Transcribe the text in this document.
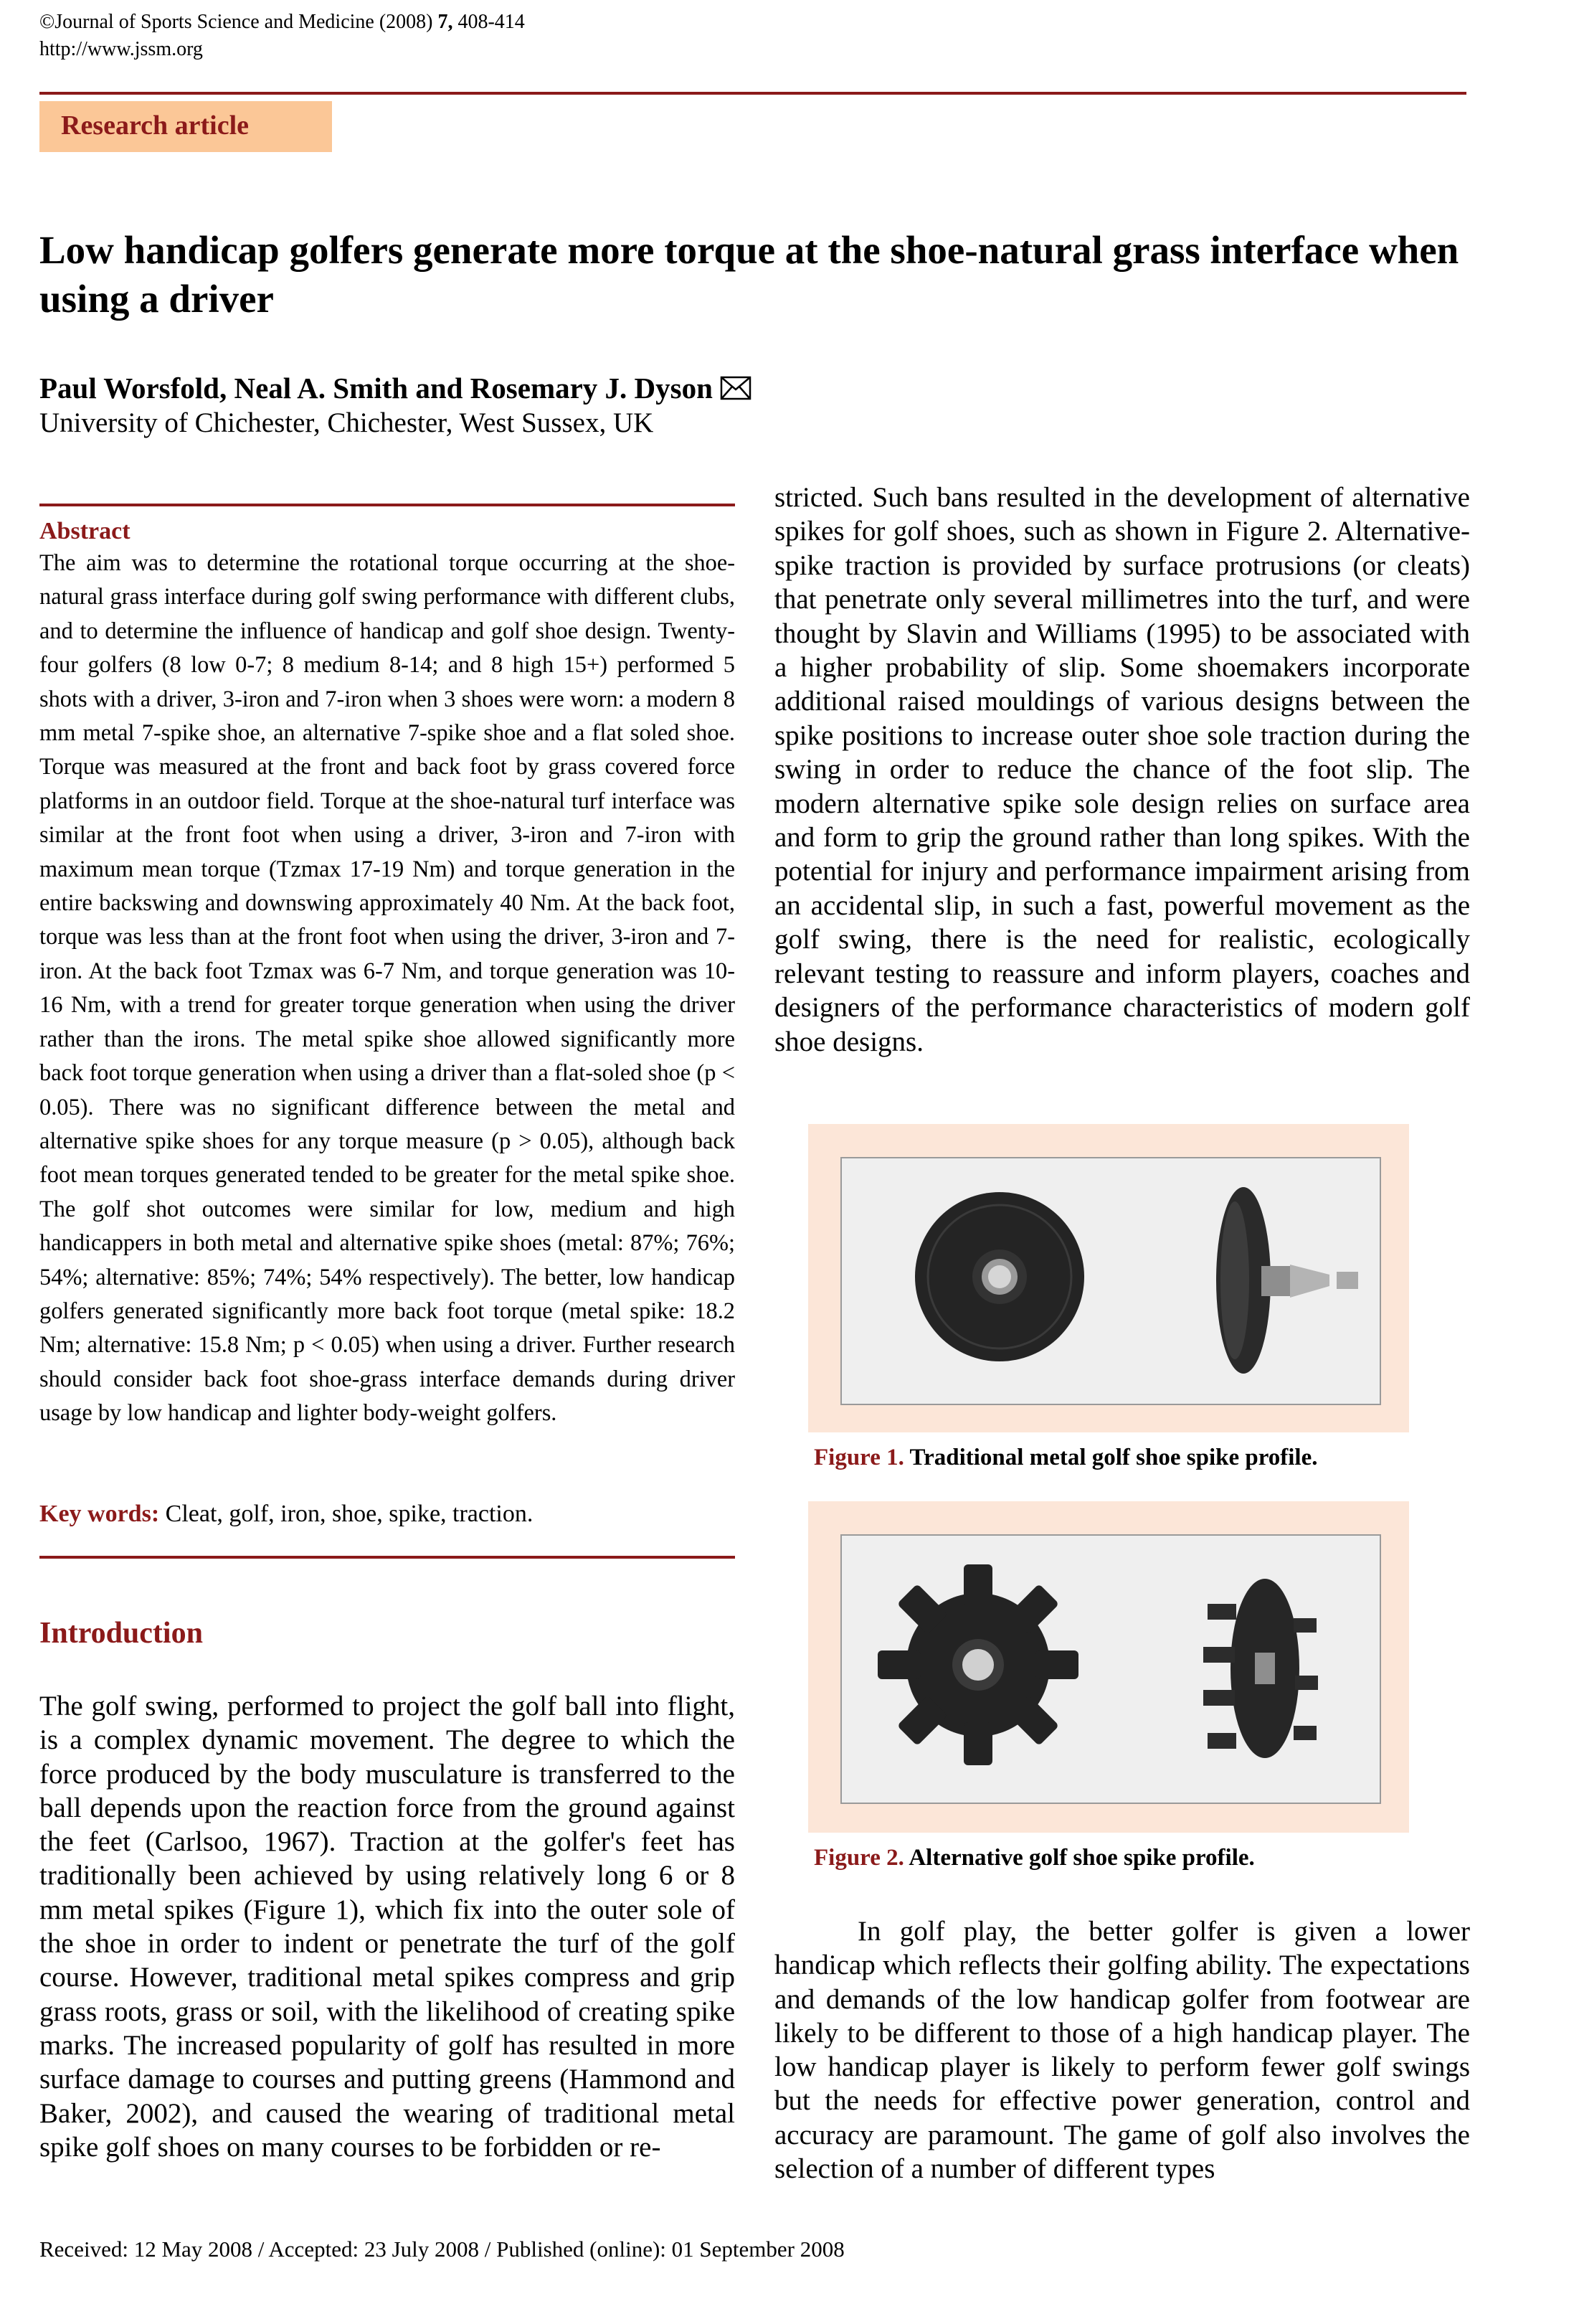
©Journal of Sports Science and Medicine (2008) 7, 408-414
http://www.jssm.org
Research article
Low handicap golfers generate more torque at the shoe-natural grass interface when using a driver
Paul Worsfold, Neal A. Smith and Rosemary J. Dyson
University of Chichester, Chichester, West Sussex, UK
Abstract
The aim was to determine the rotational torque occurring at the shoe-natural grass interface during golf swing performance with different clubs, and to determine the influence of handicap and golf shoe design. Twenty-four golfers (8 low 0-7; 8 medium 8-14; and 8 high 15+) performed 5 shots with a driver, 3-iron and 7-iron when 3 shoes were worn: a modern 8 mm metal 7-spike shoe, an alternative 7-spike shoe and a flat soled shoe. Torque was measured at the front and back foot by grass covered force platforms in an outdoor field. Torque at the shoe-natural turf interface was similar at the front foot when using a driver, 3-iron and 7-iron with maximum mean torque (Tzmax 17-19 Nm) and torque generation in the entire backswing and downswing approximately 40 Nm. At the back foot, torque was less than at the front foot when using the driver, 3-iron and 7-iron. At the back foot Tzmax was 6-7 Nm, and torque generation was 10-16 Nm, with a trend for greater torque generation when using the driver rather than the irons. The metal spike shoe allowed significantly more back foot torque generation when using a driver than a flat-soled shoe (p < 0.05). There was no significant difference between the metal and alternative spike shoes for any torque measure (p > 0.05), although back foot mean torques generated tended to be greater for the metal spike shoe. The golf shot outcomes were similar for low, medium and high handicappers in both metal and alternative spike shoes (metal: 87%; 76%; 54%; alternative: 85%; 74%; 54% respectively). The better, low handicap golfers generated significantly more back foot torque (metal spike: 18.2 Nm; alternative: 15.8 Nm; p < 0.05) when using a driver. Further research should consider back foot shoe-grass interface demands during driver usage by low handicap and lighter body-weight golfers.
Key words: Cleat, golf, iron, shoe, spike, traction.
Introduction
The golf swing, performed to project the golf ball into flight, is a complex dynamic movement. The degree to which the force produced by the body musculature is transferred to the ball depends upon the reaction force from the ground against the feet (Carlsoo, 1967). Traction at the golfer's feet has traditionally been achieved by using relatively long 6 or 8 mm metal spikes (Figure 1), which fix into the outer sole of the shoe in order to indent or penetrate the turf of the golf course. However, traditional metal spikes compress and grip grass roots, grass or soil, with the likelihood of creating spike marks. The increased popularity of golf has resulted in more surface damage to courses and putting greens (Hammond and Baker, 2002), and caused the wearing of traditional metal spike golf shoes on many courses to be forbidden or re-
stricted. Such bans resulted in the development of alternative spikes for golf shoes, such as shown in Figure 2. Alternative-spike traction is provided by surface protrusions (or cleats) that penetrate only several millimetres into the turf, and were thought by Slavin and Williams (1995) to be associated with a higher probability of slip. Some shoemakers incorporate additional raised mouldings of various designs between the spike positions to increase outer shoe sole traction during the swing in order to reduce the chance of the foot slip. The modern alternative spike sole design relies on surface area and form to grip the ground rather than long spikes. With the potential for injury and performance impairment arising from an accidental slip, in such a fast, powerful movement as the golf swing, there is the need for realistic, ecologically relevant testing to reassure and inform players, coaches and designers of the performance characteristics of modern golf shoe designs.
Figure 1. Traditional metal golf shoe spike profile.
Figure 2. Alternative golf shoe spike profile.
In golf play, the better golfer is given a lower handicap which reflects their golfing ability. The expectations and demands of the low handicap golfer from footwear are likely to be different to those of a high handicap player. The low handicap player is likely to perform fewer golf swings but the needs for effective power generation, control and accuracy are paramount. The game of golf also involves the selection of a number of different types
Received: 12 May 2008 / Accepted: 23 July 2008 / Published (online): 01 September 2008
